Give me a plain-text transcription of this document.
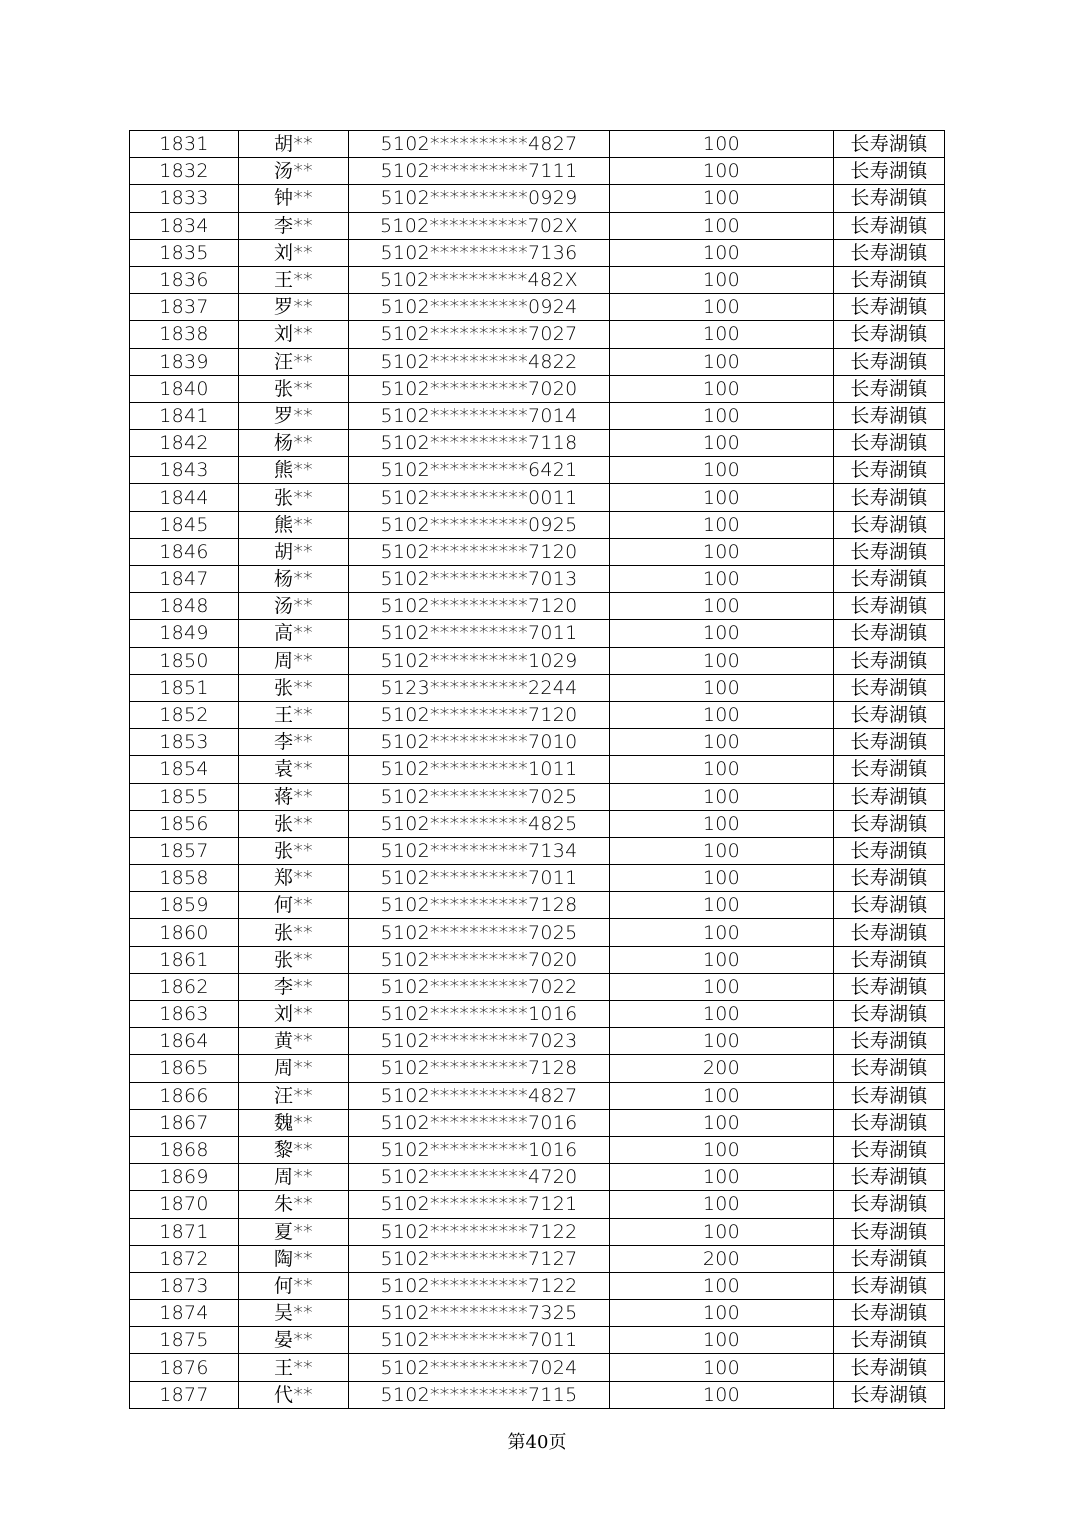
1831	胡**	5102**********4827	100	长寿湖镇
1832	汤**	5102**********7111	100	长寿湖镇
1833	钟**	5102**********0929	100	长寿湖镇
1834	李**	5102**********702X	100	长寿湖镇
1835	刘**	5102**********7136	100	长寿湖镇
1836	王**	5102**********482X	100	长寿湖镇
1837	罗**	5102**********0924	100	长寿湖镇
1838	刘**	5102**********7027	100	长寿湖镇
1839	汪**	5102**********4822	100	长寿湖镇
1840	张**	5102**********7020	100	长寿湖镇
1841	罗**	5102**********7014	100	长寿湖镇
1842	杨**	5102**********7118	100	长寿湖镇
1843	熊**	5102**********6421	100	长寿湖镇
1844	张**	5102**********0011	100	长寿湖镇
1845	熊**	5102**********0925	100	长寿湖镇
1846	胡**	5102**********7120	100	长寿湖镇
1847	杨**	5102**********7013	100	长寿湖镇
1848	汤**	5102**********7120	100	长寿湖镇
1849	高**	5102**********7011	100	长寿湖镇
1850	周**	5102**********1029	100	长寿湖镇
1851	张**	5123**********2244	100	长寿湖镇
1852	王**	5102**********7120	100	长寿湖镇
1853	李**	5102**********7010	100	长寿湖镇
1854	袁**	5102**********1011	100	长寿湖镇
1855	蒋**	5102**********7025	100	长寿湖镇
1856	张**	5102**********4825	100	长寿湖镇
1857	张**	5102**********7134	100	长寿湖镇
1858	郑**	5102**********7011	100	长寿湖镇
1859	何**	5102**********7128	100	长寿湖镇
1860	张**	5102**********7025	100	长寿湖镇
1861	张**	5102**********7020	100	长寿湖镇
1862	李**	5102**********7022	100	长寿湖镇
1863	刘**	5102**********1016	100	长寿湖镇
1864	黄**	5102**********7023	100	长寿湖镇
1865	周**	5102**********7128	200	长寿湖镇
1866	汪**	5102**********4827	100	长寿湖镇
1867	魏**	5102**********7016	100	长寿湖镇
1868	黎**	5102**********1016	100	长寿湖镇
1869	周**	5102**********4720	100	长寿湖镇
1870	朱**	5102**********7121	100	长寿湖镇
1871	夏**	5102**********7122	100	长寿湖镇
1872	陶**	5102**********7127	200	长寿湖镇
1873	何**	5102**********7122	100	长寿湖镇
1874	吴**	5102**********7325	100	长寿湖镇
1875	晏**	5102**********7011	100	长寿湖镇
1876	王**	5102**********7024	100	长寿湖镇
1877	代**	5102**********7115	100	长寿湖镇
第40页
